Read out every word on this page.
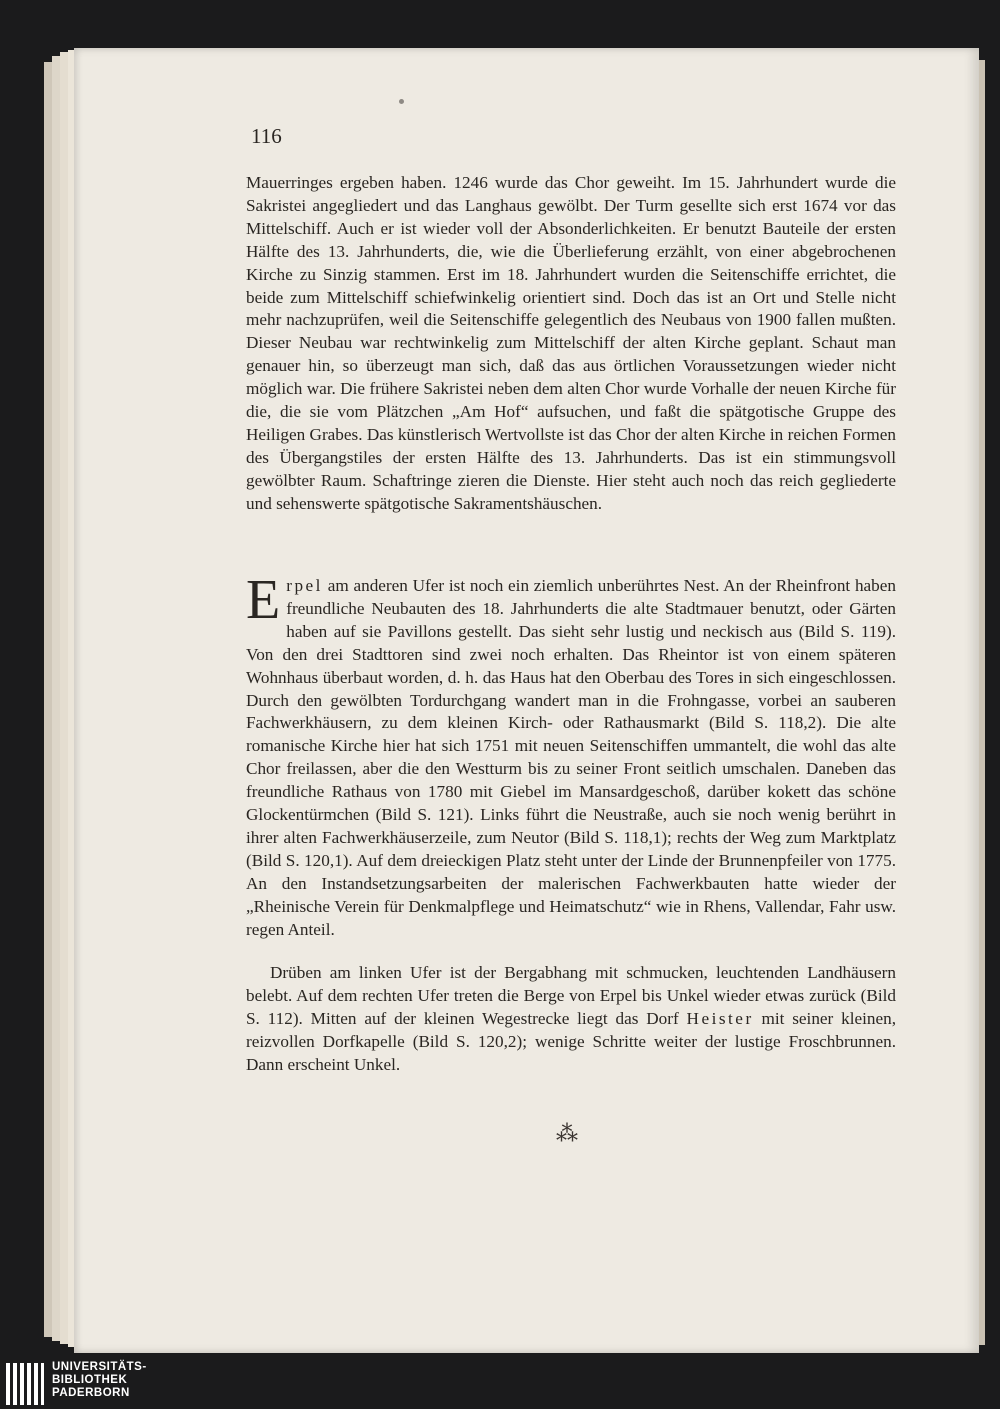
116

Mauerringes ergeben haben. 1246 wurde das Chor geweiht. Im 15. Jahrhundert wurde die Sakristei angegliedert und das Langhaus gewölbt. Der Turm gesellte sich erst 1674 vor das Mittelschiff. Auch er ist wieder voll der Absonderlichkeiten. Er benutzt Bauteile der ersten Hälfte des 13. Jahrhunderts, die, wie die Überlieferung erzählt, von einer abgebrochenen Kirche zu Sinzig stammen. Erst im 18. Jahrhundert wurden die Seitenschiffe errichtet, die beide zum Mittelschiff schiefwinkelig orientiert sind. Doch das ist an Ort und Stelle nicht mehr nachzuprüfen, weil die Seitenschiffe gelegentlich des Neubaus von 1900 fallen mußten. Dieser Neubau war rechtwinkelig zum Mittelschiff der alten Kirche geplant. Schaut man genauer hin, so überzeugt man sich, daß das aus örtlichen Voraussetzungen wieder nicht möglich war. Die frühere Sakristei neben dem alten Chor wurde Vorhalle der neuen Kirche für die, die sie vom Plätzchen „Am Hof“ aufsuchen, und faßt die spätgotische Gruppe des Heiligen Grabes. Das künstlerisch Wertvollste ist das Chor der alten Kirche in reichen Formen des Übergangstiles der ersten Hälfte des 13. Jahrhunderts. Das ist ein stimmungsvoll gewölbter Raum. Schaftringe zieren die Dienste. Hier steht auch noch das reich gegliederte und sehenswerte spätgotische Sakramentshäuschen.

Erpel am anderen Ufer ist noch ein ziemlich unberührtes Nest. An der Rheinfront haben freundliche Neubauten des 18. Jahrhunderts die alte Stadtmauer benutzt, oder Gärten haben auf sie Pavillons gestellt. Das sieht sehr lustig und neckisch aus (Bild S. 119). Von den drei Stadttoren sind zwei noch erhalten. Das Rheintor ist von einem späteren Wohnhaus überbaut worden, d. h. das Haus hat den Oberbau des Tores in sich eingeschlossen. Durch den gewölbten Tordurchgang wandert man in die Frohngasse, vorbei an sauberen Fachwerkhäusern, zu dem kleinen Kirch- oder Rathausmarkt (Bild S. 118,2). Die alte romanische Kirche hier hat sich 1751 mit neuen Seitenschiffen ummantelt, die wohl das alte Chor freilassen, aber die den Westturm bis zu seiner Front seitlich umschalen. Daneben das freundliche Rathaus von 1780 mit Giebel im Mansardgeschoß, darüber kokett das schöne Glockentürmchen (Bild S. 121). Links führt die Neustraße, auch sie noch wenig berührt in ihrer alten Fachwerkhäuserzeile, zum Neutor (Bild S. 118,1); rechts der Weg zum Marktplatz (Bild S. 120,1). Auf dem dreieckigen Platz steht unter der Linde der Brunnenpfeiler von 1775. An den Instandsetzungsarbeiten der malerischen Fachwerkbauten hatte wieder der „Rheinische Verein für Denkmalpflege und Heimatschutz“ wie in Rhens, Vallendar, Fahr usw. regen Anteil.

Drüben am linken Ufer ist der Bergabhang mit schmucken, leuchtenden Landhäusern belebt. Auf dem rechten Ufer treten die Berge von Erpel bis Unkel wieder etwas zurück (Bild S. 112). Mitten auf der kleinen Wegestrecke liegt das Dorf Heister mit seiner kleinen, reizvollen Dorfkapelle (Bild S. 120,2); wenige Schritte weiter der lustige Froschbrunnen. Dann erscheint Unkel.

⁂

UNIVERSITÄTS-
BIBLIOTHEK
PADERBORN
